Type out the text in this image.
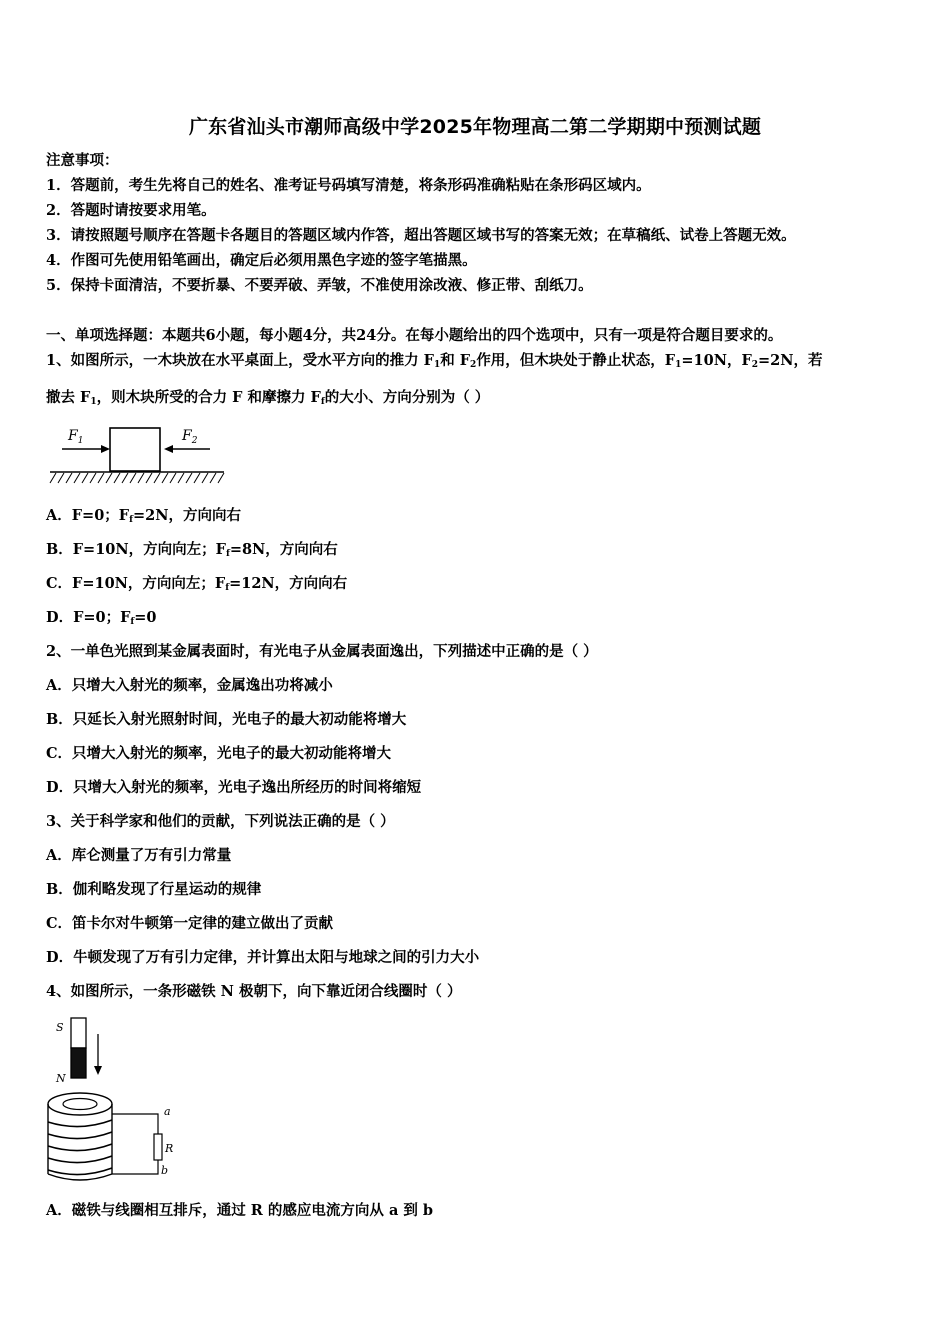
广东省汕头市潮师高级中学2025年物理高二第二学期期中预测试题
注意事项：
1．答题前，考生先将自己的姓名、准考证号码填写清楚，将条形码准确粘贴在条形码区域内。
2．答题时请按要求用笔。
3．请按照题号顺序在答题卡各题目的答题区域内作答，超出答题区域书写的答案无效；在草稿纸、试卷上答题无效。
4．作图可先使用铅笔画出，确定后必须用黑色字迹的签字笔描黑。
5．保持卡面清洁，不要折暴、不要弄破、弄皱，不准使用涂改液、修正带、刮纸刀。
一、单项选择题：本题共6小题，每小题4分，共24分。在每小题给出的四个选项中，只有一项是符合题目要求的。
1、如图所示，一木块放在水平桌面上，受水平方向的推力 $F_1$和 $F_2$作用，但木块处于静止状态，$F_1=10N$，$F_2=2N$，若
撤去 $F_1$，则木块所受的合力 F 和摩擦力 $F_f$的大小、方向分别为（ ）
$F_1$	$F_2$
A．F=0；$F_f=2N$，方向向右
B．F=10N，方向向左；$F_f=8N$，方向向右
C．F=10N，方向向左；$F_f=12N$，方向向右
D．F=0；$F_f=0$
2、一单色光照到某金属表面时，有光电子从金属表面逸出，下列描述中正确的是（ ）
A．只增大入射光的频率，金属逸出功将减小
B．只延长入射光照射时间，光电子的最大初动能将增大
C．只增大入射光的频率，光电子的最大初动能将增大
D．只增大入射光的频率，光电子逸出所经历的时间将缩短
3、关于科学家和他们的贡献，下列说法正确的是（ ）
A．库仑测量了万有引力常量
B．伽利略发现了行星运动的规律
C．笛卡尔对牛顿第一定律的建立做出了贡献
D．牛顿发现了万有引力定律，并计算出太阳与地球之间的引力大小
4、如图所示，一条形磁铁 N 极朝下，向下靠近闭合线圈时（ ）
S
N
a
R
b
A．磁铁与线圈相互排斥，通过 R 的感应电流方向从 a 到 b
